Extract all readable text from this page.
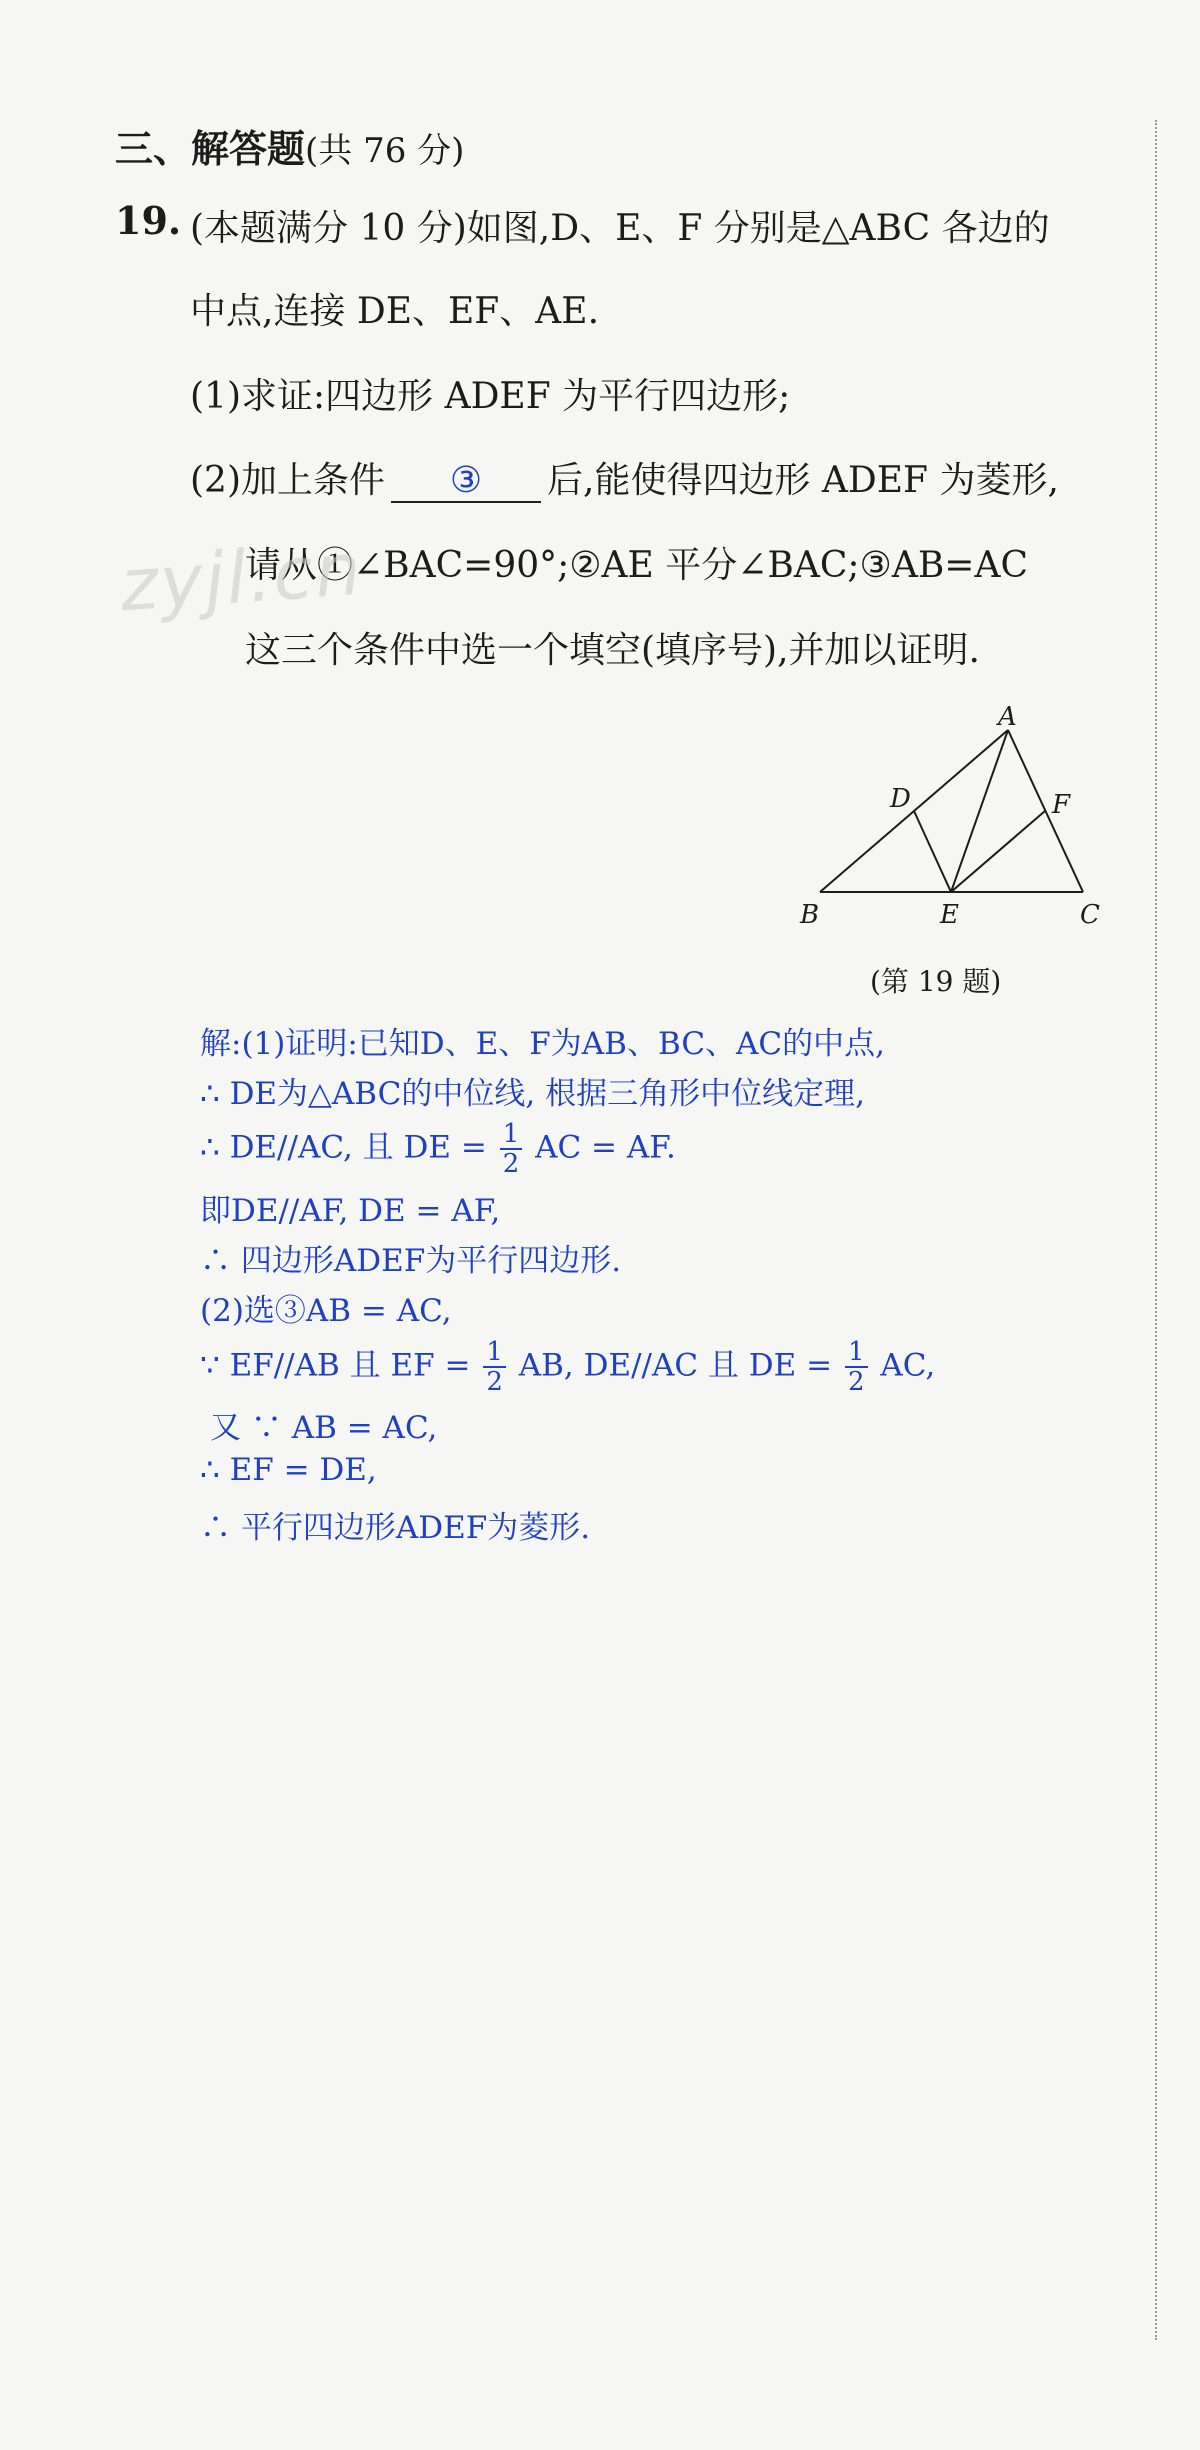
三、解答题(共 76 分)
19. (本题满分 10 分)如图,D、E、F 分别是△ABC 各边的
中点,连接 DE、EF、AE.
(1)求证:四边形 ADEF 为平行四边形;
(2)加上条件 ③ 后,能使得四边形 ADEF 为菱形,
请从①∠BAC=90°;②AE 平分∠BAC;③AB=AC
这三个条件中选一个填空(填序号),并加以证明.
zyjl.cn
A
B	C
D
E
F
(第 19 题)
解:(1)证明:已知D、E、F为AB、BC、AC的中点,
∴ DE为△ABC的中位线, 根据三角形中位线定理,
∴ DE//AC, 且 DE = $\frac{1}{2}$ AC = AF.
即DE//AF, DE = AF,
∴ 四边形ADEF为平行四边形.
(2)选③AB = AC,
∵ EF//AB 且 EF = $\frac{1}{2}$ AB, DE//AC 且 DE = $\frac{1}{2}$ AC,
又 ∵ AB = AC,
∴ EF = DE,
∴ 平行四边形ADEF为菱形.
